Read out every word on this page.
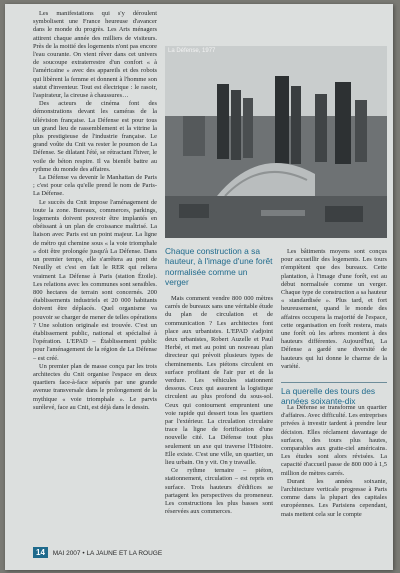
Les manifestations qui s'y déroulent symbolisent une France heureuse d'avancer dans le monde du progrès. Les Arts ménagers attirent chaque année des milliers de visiteurs. Près de la moitié des logements n'ont pas encore l'eau courante. On vient rêver dans cet univers de soucoupe extraterrestre d'un confort « à l'américaine » avec des appareils et des robots qui libèrent la femme et donnent à l'homme son statut d'inventeur. Tout est électrique : le rasoir, l'aspirateur, la cireuse à chaussures…

Des acteurs de cinéma font des démonstrations devant les caméras de la télévision française. La Défense est pour tous un grand lieu de rassemblement et la vitrine la plus prestigieuse de l'industrie française. Le grand voûte du Cnit va rester le poumon de La Défense. Se dilatant l'été, se rétractant l'hiver, le voile de béton respire. Il va bientôt battre au rythme du monde des affaires.

La Défense va devenir le Manhattan de Paris ; c'est pour cela qu'elle prend le nom de Paris-La Défense.

Le succès du Cnit impose l'aménagement de toute la zone. Bureaux, commerces, parkings, logements doivent pouvoir être implantés en obéissant à un plan de croissance maîtrisé. La liaison avec Paris est un point majeur. La ligne de métro qui cheminе sous « la voie triomphale » doit être prolongée jusqu'à La Défense. Dans un premier temps, elle s'arrêtera au pont de Neuilly et c'est en fait le RER qui reliera vraiment La Défense à Paris (station Étoile). Les relations avec les communes sont sensibles. 800 hectares de terrain sont concernés. 200 établissements industriels et 20 000 habitants doivent être déplacés. Quel organisme va pouvoir se charger de mener de telles opérations ? Une solution originale est trouvée. C'est un établissement public, national et spécialisé à l'opération. L'EPAD – Établissement public pour l'aménagement de la région de La Défense – est créé.

Un premier plan de masse conçu par les trois architectes du Cnit organise l'espace en deux quartiers face-à-face séparés par une grande avenue transversale dans le prolongement de la mythique « voie triomphale ». Le parvis surélevé, face au Cnit, est déjà dans le dessin.

La Défense, 1977
Chaque construction a sa hauteur, à l'image d'une forêt normalisée comme un verger

Mais comment vendre 800 000 mètres carrés de bureaux sans une véritable étude du plan de circulation et de communication ? Les architectes font place aux urbanistes. L'EPAD s'adjoint deux urbanistes, Robert Auzelle et Paul Herbé, et met au point un nouveau plan directeur qui prévoit plusieurs types de cheminements. Les piétons circulent en surface profitant de l'air pur et de la verdure. Les véhicules stationnent dessous. Ceux qui assurent la logistique circulent au plus profond du sous-sol. Ceux qui contournent empruntent une voie rapide qui dessert tous les quartiers par l'extérieur. La circulation circulaire trace la ligne de fortification d'une nouvelle cité. La Défense tout plus seulement un axe qui traverse l'Histoire. Elle existe. C'est une ville, un quartier, un lieu urbain. On y vit. On y travaille.

Ce rythme ternaire – piéton, stationnement, circulation – est repris en surface. Trois hauteurs d'édifices se partagent les perspectives du promeneur. Les constructions les plus basses sont réservées aux commerces.

Les bâtiments moyens sont conçus pour accueillir des logements. Les tours n'empiètent que des bureaux. Cette plantation, à l'image d'une forêt, est au début normalisée comme un verger. Chaque type de construction a sa hauteur « standardisée ». Plus tard, et fort heureusement, quand le monde des affaires occupera la majorité de l'espace, cette organisation en forêt restera, mais une forêt où les arbres montent à des hauteurs différentes. Aujourd'hui, La Défense a gardé une diversité de hauteurs qui lui donne le charme de la variété.

La querelle des tours des années soixante-dix

La Défense se transforme un quartier d'affaires. Avec difficulté. Les entreprises privées à investir tardent à prendre leur décision. Elles réclament davantage de surfaces, des tours plus hautes, comparables aux gratte-ciel américains. Les études sont alors révisées. La capacité d'accueil passe de 800 000 à 1,5 million de mètres carrés.

Durant les années soixante, l'architecture verticale progresse à Paris comme dans la plupart des capitales européennes. Les Parisiens cependant, mais mettent cela sur le compte

14 MAI 2007 • LA JAUNE ET LA ROUGE
